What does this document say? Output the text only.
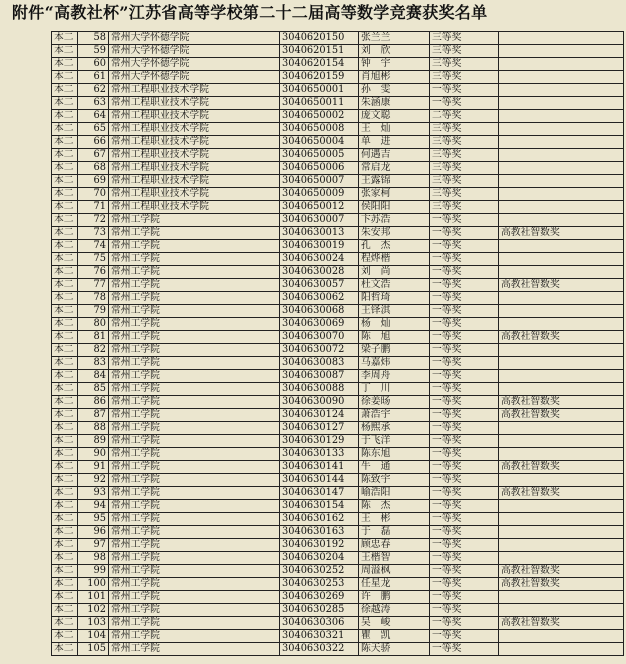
附件“高教社杯”江苏省高等学校第二十二届高等数学竞赛获奖名单
本二	58	常州大学怀德学院	3040620150	张兰兰	三等奖	
本二	59	常州大学怀德学院	3040620151	刘　欣	三等奖	
本二	60	常州大学怀德学院	3040620154	钟　宇	三等奖	
本二	61	常州大学怀德学院	3040620159	肖旭彬	三等奖	
本二	62	常州工程职业技术学院	3040650001	孙　雯	一等奖	
本二	63	常州工程职业技术学院	3040650011	朱涵康	一等奖	
本二	64	常州工程职业技术学院	3040650002	庞文聪	二等奖	
本二	65	常州工程职业技术学院	3040650008	王　灿	三等奖	
本二	66	常州工程职业技术学院	3040650004	单　进	三等奖	
本二	67	常州工程职业技术学院	3040650005	何遇吉	三等奖	
本二	68	常州工程职业技术学院	3040650006	常启龙	三等奖	
本二	69	常州工程职业技术学院	3040650007	王露锦	三等奖	
本二	70	常州工程职业技术学院	3040650009	张家柯	三等奖	
本二	71	常州工程职业技术学院	3040650012	侯阳阳	三等奖	
本二	72	常州工学院	3040630007	卞苏浩	一等奖	
本二	73	常州工学院	3040630013	朱安邦	一等奖	高教社智数奖
本二	74	常州工学院	3040630019	孔　杰	一等奖	
本二	75	常州工学院	3040630024	程烨楷	一等奖	
本二	76	常州工学院	3040630028	刘　尚	一等奖	
本二	77	常州工学院	3040630057	杜文浩	一等奖	高教社智数奖
本二	78	常州工学院	3040630062	阳哲琦	一等奖	
本二	79	常州工学院	3040630068	王铎淇	一等奖	
本二	80	常州工学院	3040630069	杨　灿	一等奖	
本二	81	常州工学院	3040630070	陈　旭	一等奖	高教社智数奖
本二	82	常州工学院	3040630072	梁子鹏	一等奖	
本二	83	常州工学院	3040630083	马嘉炜	一等奖	
本二	84	常州工学院	3040630087	李周舟	一等奖	
本二	85	常州工学院	3040630088	丁　川	一等奖	
本二	86	常州工学院	3040630090	徐姜旸	一等奖	高教社智数奖
本二	87	常州工学院	3040630124	萧浩宇	一等奖	高教社智数奖
本二	88	常州工学院	3040630127	杨熙承	一等奖	
本二	89	常州工学院	3040630129	于飞洋	一等奖	
本二	90	常州工学院	3040630133	陈东旭	一等奖	
本二	91	常州工学院	3040630141	牛　通	一等奖	高教社智数奖
本二	92	常州工学院	3040630144	陈致宇	一等奖	
本二	93	常州工学院	3040630147	喻浩阳	一等奖	高教社智数奖
本二	94	常州工学院	3040630154	陈　杰	一等奖	
本二	95	常州工学院	3040630162	王　彬	一等奖	
本二	96	常州工学院	3040630163	于　磊	一等奖	
本二	97	常州工学院	3040630192	顾忠春	一等奖	
本二	98	常州工学院	3040630204	王楷智	一等奖	
本二	99	常州工学院	3040630252	周溢枫	一等奖	高教社智数奖
本二	100	常州工学院	3040630253	任星龙	一等奖	高教社智数奖
本二	101	常州工学院	3040630269	许　鹏	一等奖	
本二	102	常州工学院	3040630285	徐越涛	一等奖	
本二	103	常州工学院	3040630306	吴　峻	一等奖	高教社智数奖
本二	104	常州工学院	3040630321	瞿　凯	一等奖	
本二	105	常州工学院	3040630322	陈天骄	一等奖	
